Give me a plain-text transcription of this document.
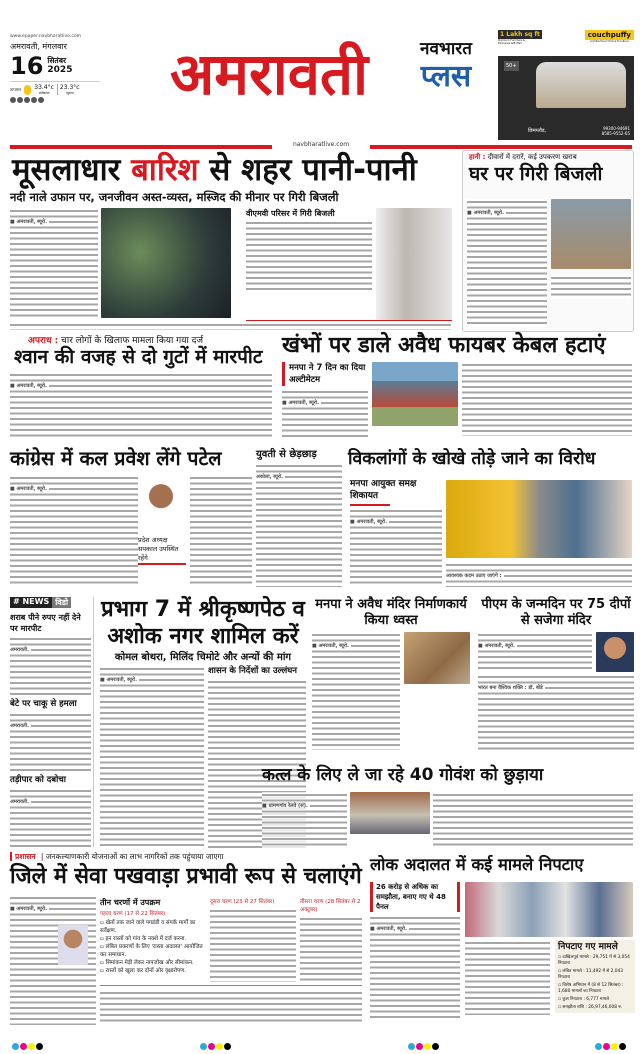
www.epaper.navbharatlive.com
अमरावती, मंगलवार
16 सितंबर
2025
तापमान 33.4°c
अधिकतम
23.3°c
न्यूनतम अमरावती	नवभारत
प्लस
1 Lakh sq ft
Premium Furniture & Exclusive Gift Mall
couchpuffy
Architectural Choice Furniture
50+
छिमग्लौड,	99300-94691
8585-9552-65
navbharatlive.com
मूसलाधार बारिश से शहर पानी-पानी
नदी नाले उफान पर, जनजीवन अस्त-व्यस्त, मस्जिद की मीनार पर गिरी बिजली
■ अमरावती, ब्यूरो.
वीएमवी परिसर में गिरी बिजली
हानी : दीवारों में दरारें, कई उपकरण खराब
घर पर गिरी बिजली
■ अमरावती, ब्यूरो.
अपराध : चार लोगों के खिलाफ मामला किया गया दर्ज
श्वान की वजह से दो गुटों में मारपीट
■ अमरावती, ब्यूरो.
खंभों पर डाले अवैध फायबर केबल हटाएं
मनपा ने 7 दिन का दिया अल्टीमेटम
■ अमरावती, ब्यूरो.
कांग्रेस में कल प्रवेश लेंगे पटेल
■ अमरावती, ब्यूरो.
प्रदेश अध्यक्ष सपकाल उपस्थित रहेंगे
युवती से छेड़छाड़
अकोला, ब्यूरो.
विकलांगों के खोखे तोड़े जाने का विरोध
मनपा आयुक्त समक्ष शिकायत
■ अमरावती, ब्यूरो.
आवश्यक कदम उठाए जाएंगे :
# NEWS विडो
शराब पीने रुपए नहीं देने पर मारपीट
अमरावती.
बेटे पर चाकू से हमला
अमरावती.
तड़ीपार को दबोचा
अमरावती.
प्रभाग 7 में श्रीकृष्णपेठ व अशोक नगर शामिल करें
कोमल बोथरा, मिलिंद चिमोटे और अन्यों की मांग
■ अमरावती, ब्यूरो.
शासन के निर्देशों का उल्लंघन
मनपा ने अवैध मंदिर निर्माणकार्य किया ध्वस्त
■ अमरावती, ब्यूरो.
पीएम के जन्मदिन पर 75 दीपों से सजेगा मंदिर
■ अमरावती, ब्यूरो.
भारत बना वैश्विक शक्ति : डॉ. बोंडे
कत्ल के लिए ले जा रहे 40 गोवंश को छुड़ाया
■ धामणगांव रेलवे (सं).
प्रशासन | जनकल्याणकारी योजनाओं का लाभ नागरिकों तक पहुंचाया जाएगा
जिले में सेवा पखवाड़ा प्रभावी रूप से चलाएंगे
■ अमरावती, ब्यूरो.
तीन चरणों में उपक्रम
पहला चरण (17 से 22 सितंबर)
▫ खेतों तक जाने वाले पगडंडी व संपर्क मार्गों का सर्वेक्षण.
▫ इन रास्तों को गांव के नक्शे में दर्ज करना.
▫ लंबित प्रकरणों के लिए 'रास्ता अदालत' आयोजित कर समाधान.
▫ सिमांकन मेड़ी लेकर नापजोख और सीमांकन.
▫ रास्तों को खुला कर दोनों ओर वृक्षारोपण.
दूसरा चरण (23 से 27 सितंबर)	तीसरा चरण (28 सितंबर से 2 अक्टूबर)
लोक अदालत में कई मामले निपटाए
26 करोड़ से अधिक का समझौता, बनाए गए थे 48 पैनल
■ अमरावती, ब्यूरो.
निपटाए गए मामले
▫ दाखिलपूर्व मामले : 29,751 में से 3,054 निपटारा
▫ लंबित मामले : 11,492 में से 2,043 निपटारा
▫ विशेष अभियान में (8 से 12 सितंबर) : 1,680 मामलों का निपटारा
▫ कुल निपटारा : 6,777 मामले
▫ समझौता राशि : 26,97,46,008 रु.
